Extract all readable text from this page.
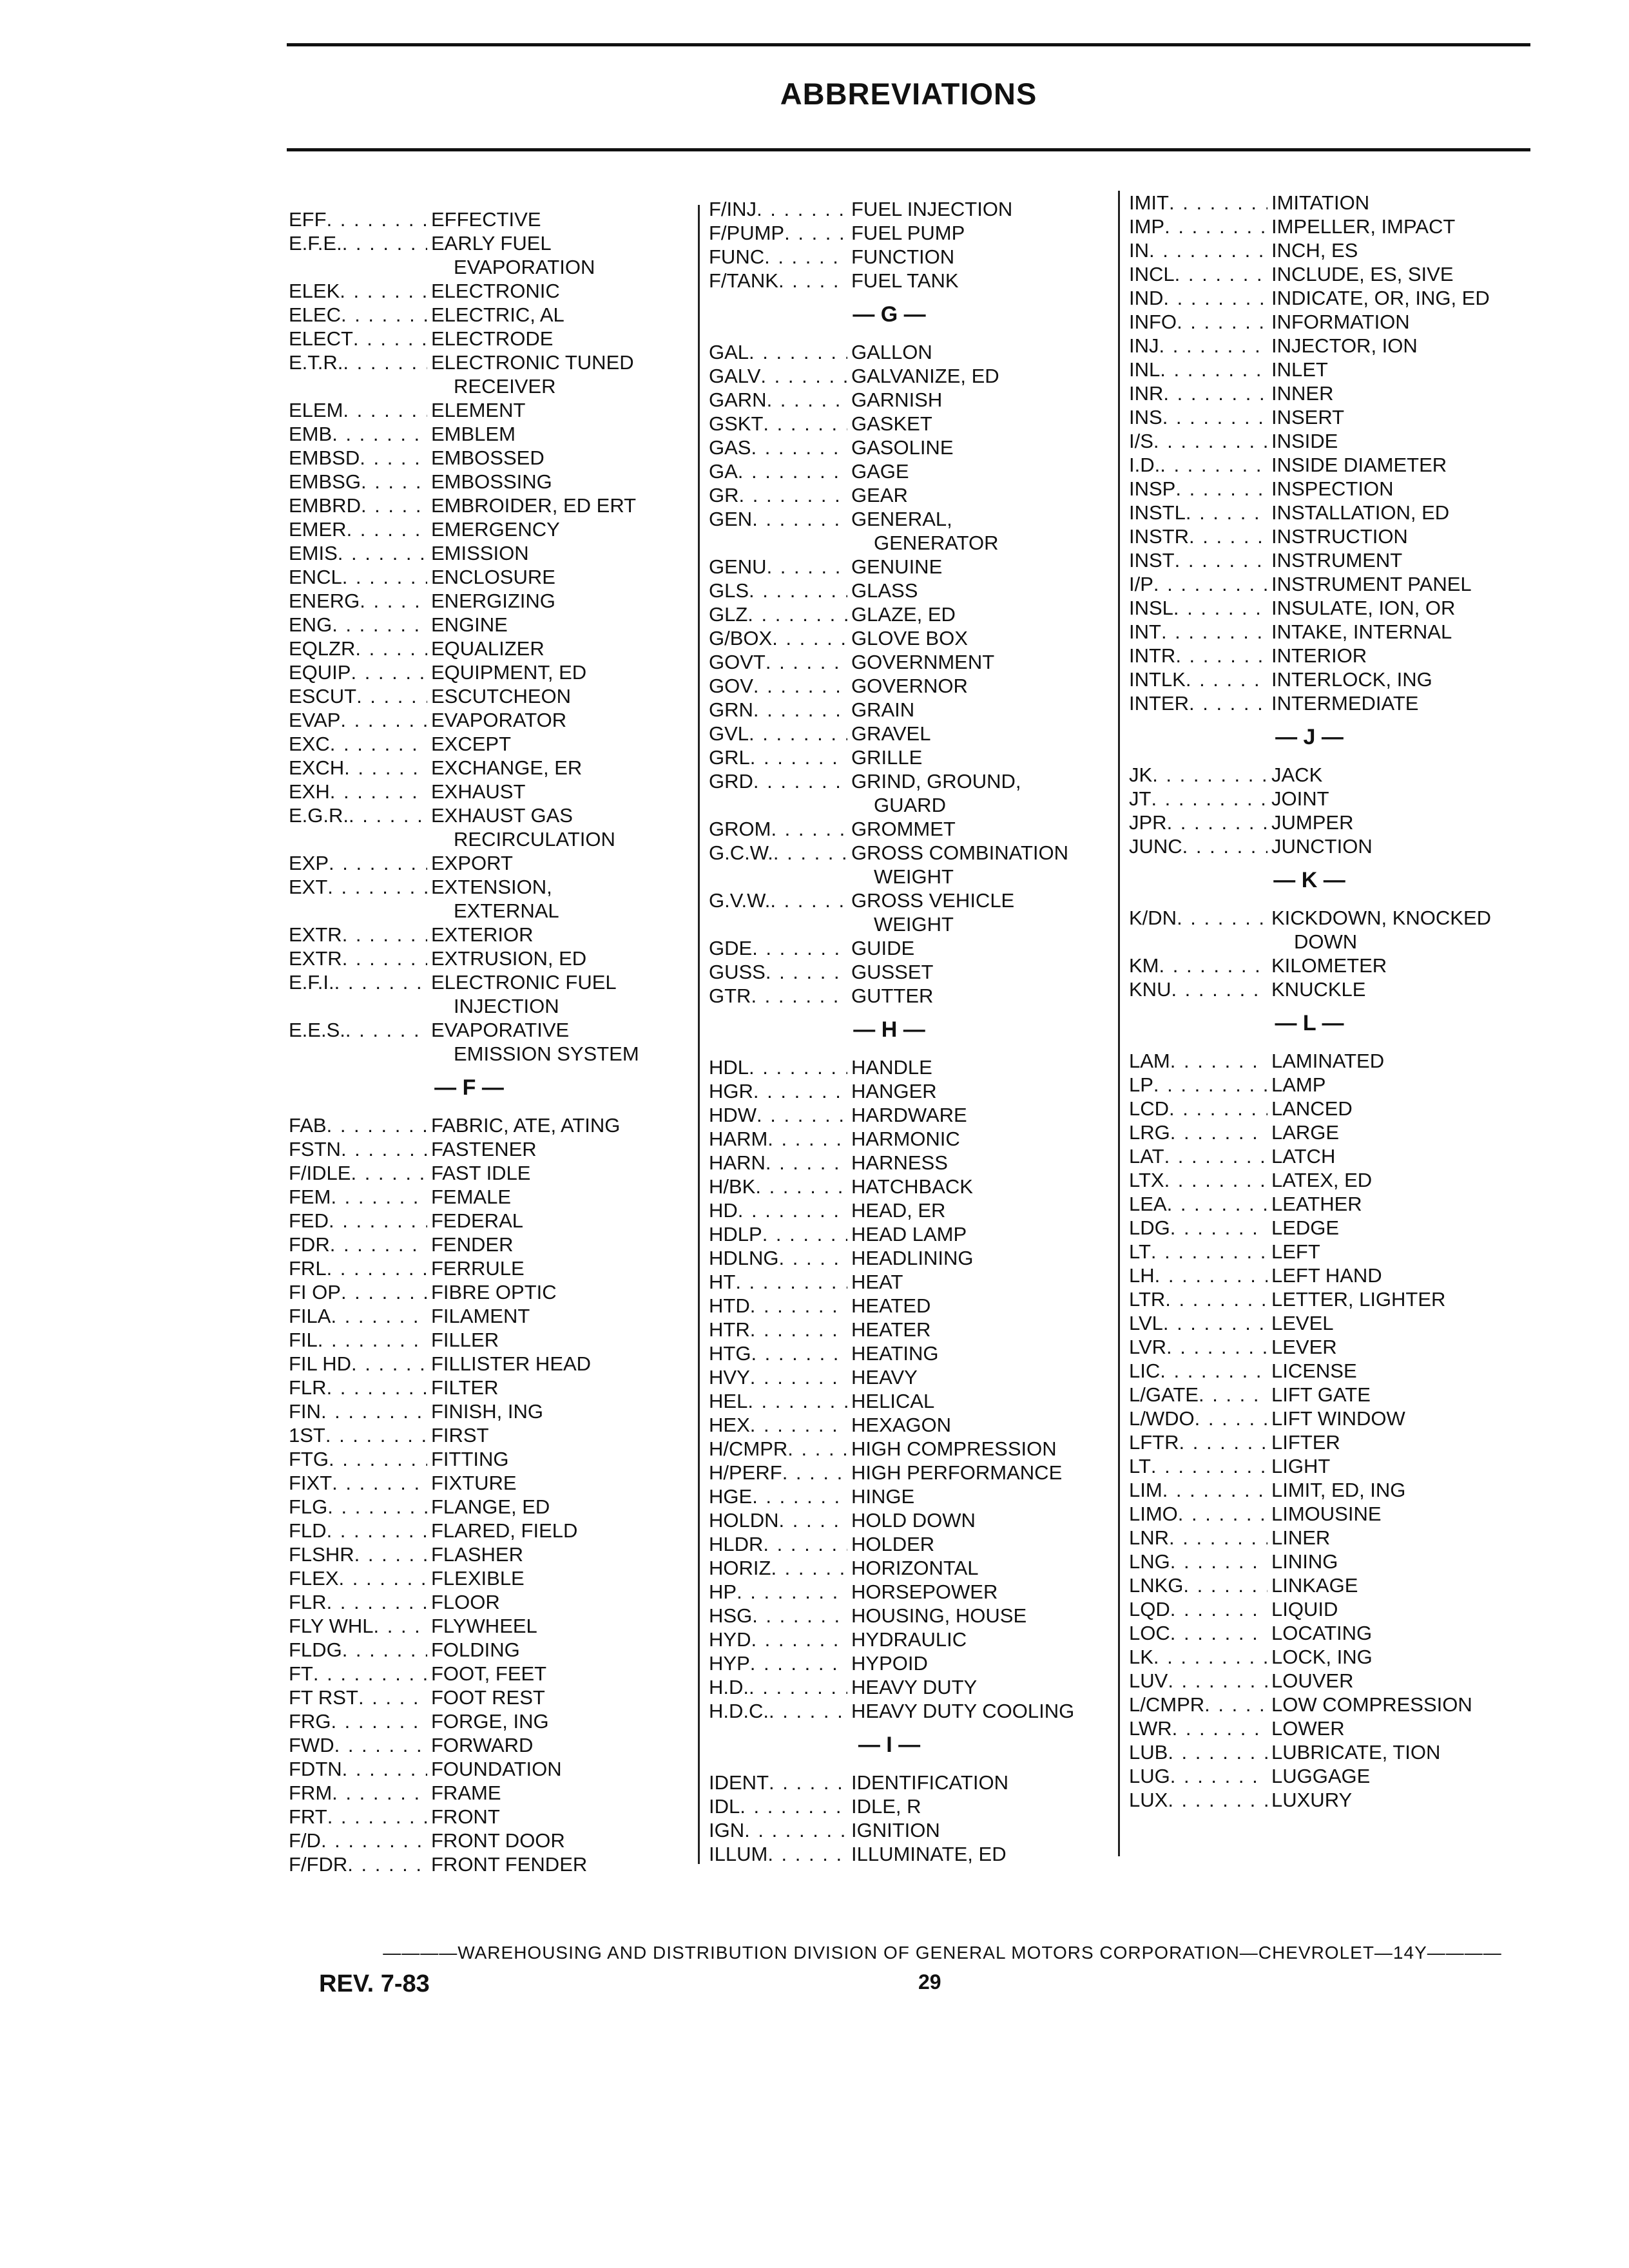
ABBREVIATIONS
EFF . . .	EFFECTIVE
E.F.E. . . .	EARLY FUEL
EVAPORATION
ELEK . . .	ELECTRONIC
ELEC . . .	ELECTRIC, AL
ELECT . . .	ELECTRODE
E.T.R. . . .	ELECTRONIC TUNED
RECEIVER
ELEM . . .	ELEMENT
EMB . . .	EMBLEM
EMBSD . . .	EMBOSSED
EMBSG . . .	EMBOSSING
EMBRD . . .	EMBROIDER, ED ERT
EMER . . .	EMERGENCY
EMIS . . .	EMISSION
ENCL . . .	ENCLOSURE
ENERG . . .	ENERGIZING
ENG . . .	ENGINE
EQLZR . . .	EQUALIZER
EQUIP . . .	EQUIPMENT, ED
ESCUT . . .	ESCUTCHEON
EVAP . . .	EVAPORATOR
EXC . . .	EXCEPT
EXCH . . .	EXCHANGE, ER
EXH . . .	EXHAUST
E.G.R. . . .	EXHAUST GAS
RECIRCULATION
EXP . . .	EXPORT
EXT . . .	EXTENSION,
EXTERNAL
EXTR . . .	EXTERIOR
EXTR . . .	EXTRUSION, ED
E.F.I. . . .	ELECTRONIC FUEL
INJECTION
E.E.S. . . .	EVAPORATIVE
EMISSION SYSTEM
— F —
FAB . . .	FABRIC, ATE, ATING
FSTN . . .	FASTENER
F/IDLE . . .	FAST IDLE
FEM . . .	FEMALE
FED . . .	FEDERAL
FDR . . .	FENDER
FRL . . .	FERRULE
FI OP . . .	FIBRE OPTIC
FILA . . .	FILAMENT
FIL . . .	FILLER
FIL HD . . .	FILLISTER HEAD
FLR . . .	FILTER
FIN . . .	FINISH, ING
1ST . . .	FIRST
FTG . . .	FITTING
FIXT . . .	FIXTURE
FLG . . .	FLANGE, ED
FLD . . .	FLARED, FIELD
FLSHR . . .	FLASHER
FLEX . . .	FLEXIBLE
FLR . . .	FLOOR
FLY WHL . . .	FLYWHEEL
FLDG . . .	FOLDING
FT . . .	FOOT, FEET
FT RST . . .	FOOT REST
FRG . . .	FORGE, ING
FWD . . .	FORWARD
FDTN . . .	FOUNDATION
FRM . . .	FRAME
FRT . . .	FRONT
F/D . . .	FRONT DOOR
F/FDR . . .	FRONT FENDER
F/INJ . . .	FUEL INJECTION
F/PUMP . . .	FUEL PUMP
FUNC . . .	FUNCTION
F/TANK . . .	FUEL TANK
— G —
GAL . . .	GALLON
GALV . . .	GALVANIZE, ED
GARN . . .	GARNISH
GSKT . . .	GASKET
GAS . . .	GASOLINE
GA . . .	GAGE
GR . . .	GEAR
GEN . . .	GENERAL,
GENERATOR
GENU . . .	GENUINE
GLS . . .	GLASS
GLZ . . .	GLAZE, ED
G/BOX . . .	GLOVE BOX
GOVT . . .	GOVERNMENT
GOV . . .	GOVERNOR
GRN . . .	GRAIN
GVL . . .	GRAVEL
GRL . . .	GRILLE
GRD . . .	GRIND, GROUND,
GUARD
GROM . . .	GROMMET
G.C.W. . . .	GROSS COMBINATION
WEIGHT
G.V.W. . . .	GROSS VEHICLE
WEIGHT
GDE . . .	GUIDE
GUSS . . .	GUSSET
GTR . . .	GUTTER
— H —
HDL . . .	HANDLE
HGR . . .	HANGER
HDW . . .	HARDWARE
HARM . . .	HARMONIC
HARN . . .	HARNESS
H/BK . . .	HATCHBACK
HD . . .	HEAD, ER
HDLP . . .	HEAD LAMP
HDLNG . . .	HEADLINING
HT . . .	HEAT
HTD . . .	HEATED
HTR . . .	HEATER
HTG . . .	HEATING
HVY . . .	HEAVY
HEL . . .	HELICAL
HEX . . .	HEXAGON
H/CMPR . . .	HIGH COMPRESSION
H/PERF . . .	HIGH PERFORMANCE
HGE . . .	HINGE
HOLDN . . .	HOLD DOWN
HLDR . . .	HOLDER
HORIZ . . .	HORIZONTAL
HP . . .	HORSEPOWER
HSG . . .	HOUSING, HOUSE
HYD . . .	HYDRAULIC
HYP . . .	HYPOID
H.D. . . .	HEAVY DUTY
H.D.C. . . .	HEAVY DUTY COOLING
— I —
IDENT . . .	IDENTIFICATION
IDL . . .	IDLE, R
IGN . . .	IGNITION
ILLUM . . .	ILLUMINATE, ED
IMIT . . .	IMITATION
IMP . . .	IMPELLER, IMPACT
IN . . .	INCH, ES
INCL . . .	INCLUDE, ES, SIVE
IND . . .	INDICATE, OR, ING, ED
INFO . . .	INFORMATION
INJ . . .	INJECTOR, ION
INL . . .	INLET
INR . . .	INNER
INS . . .	INSERT
I/S . . .	INSIDE
I.D. . . .	INSIDE DIAMETER
INSP . . .	INSPECTION
INSTL . . .	INSTALLATION, ED
INSTR . . .	INSTRUCTION
INST . . .	INSTRUMENT
I/P . . .	INSTRUMENT PANEL
INSL . . .	INSULATE, ION, OR
INT . . .	INTAKE, INTERNAL
INTR . . .	INTERIOR
INTLK . . .	INTERLOCK, ING
INTER . . .	INTERMEDIATE
— J —
JK . . .	JACK
JT . . .	JOINT
JPR . . .	JUMPER
JUNC . . .	JUNCTION
— K —
K/DN . . .	KICKDOWN, KNOCKED
DOWN
KM . . .	KILOMETER
KNU . . .	KNUCKLE
— L —
LAM . . .	LAMINATED
LP . . .	LAMP
LCD . . .	LANCED
LRG . . .	LARGE
LAT . . .	LATCH
LTX . . .	LATEX, ED
LEA . . .	LEATHER
LDG . . .	LEDGE
LT . . .	LEFT
LH . . .	LEFT HAND
LTR . . .	LETTER, LIGHTER
LVL . . .	LEVEL
LVR . . .	LEVER
LIC . . .	LICENSE
L/GATE . . .	LIFT GATE
L/WDO . . .	LIFT WINDOW
LFTR . . .	LIFTER
LT . . .	LIGHT
LIM . . .	LIMIT, ED, ING
LIMO . . .	LIMOUSINE
LNR . . .	LINER
LNG . . .	LINING
LNKG . . .	LINKAGE
LQD . . .	LIQUID
LOC . . .	LOCATING
LK . . .	LOCK, ING
LUV . . .	LOUVER
L/CMPR . . .	LOW COMPRESSION
LWR . . .	LOWER
LUB . . .	LUBRICATE, TION
LUG . . .	LUGGAGE
LUX . . .	LUXURY
————WAREHOUSING AND DISTRIBUTION DIVISION OF GENERAL MOTORS CORPORATION—CHEVROLET—14Y————
REV. 7-83	29
